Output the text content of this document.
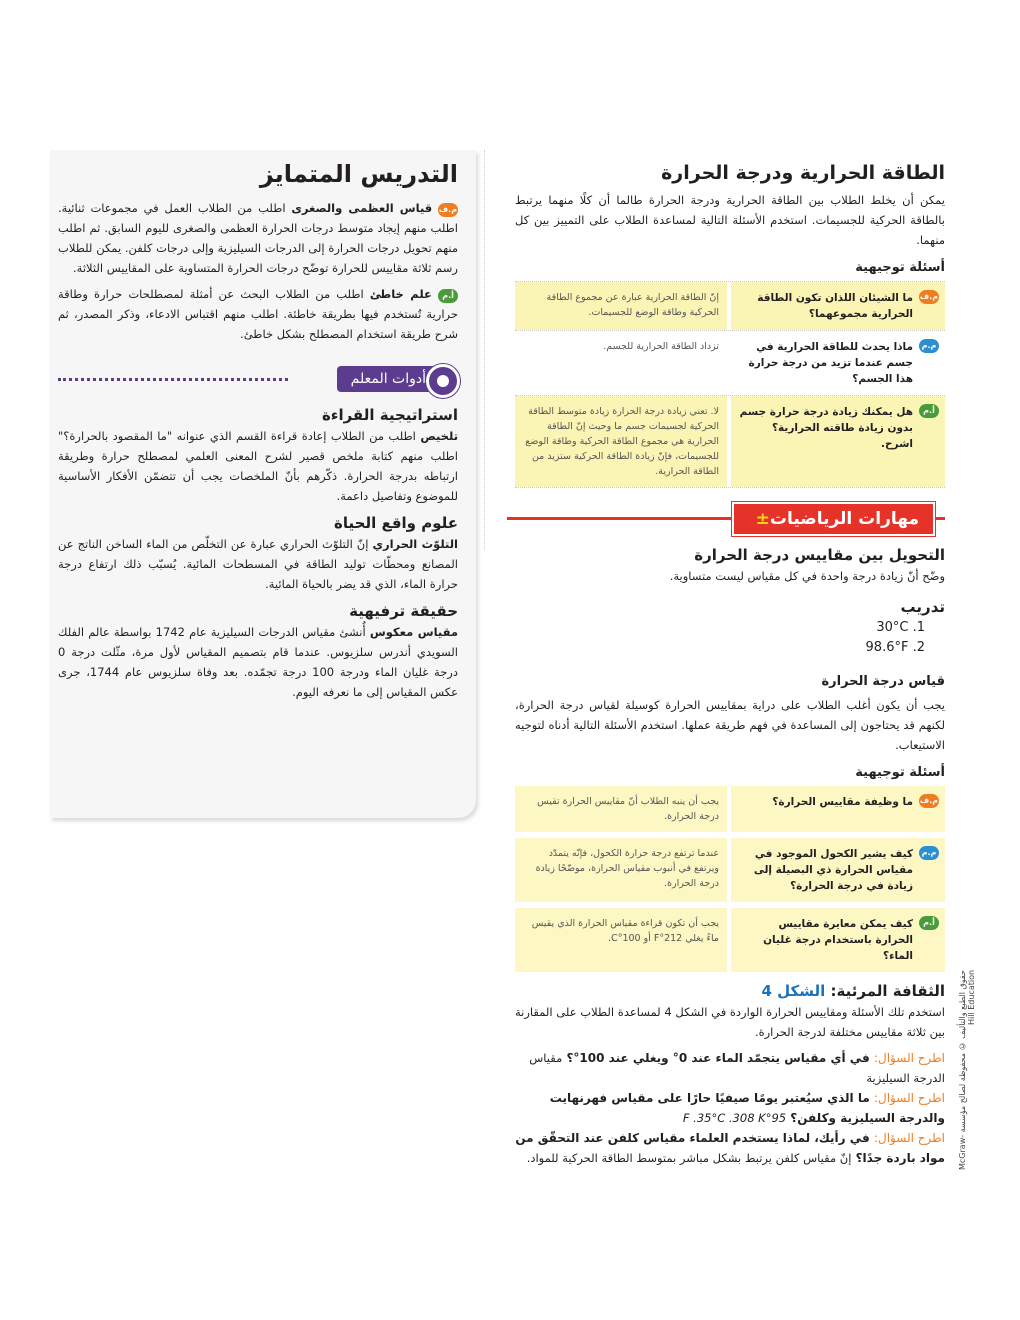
الطاقة الحرارية ودرجة الحرارة

يمكن أن يخلط الطلاب بين الطاقة الحرارية ودرجة الحرارة طالما أن كلًا منهما يرتبط بالطاقة الحركية للجسيمات. استخدم الأسئلة التالية لمساعدة الطلاب على التمييز بين كل منهما.

أسئلة توجيهية
م.ف
ما الشيئان اللذان تكون الطاقة الحرارية مجموعهما؟
إنّ الطاقة الحرارية عبارة عن مجموع الطاقة الحركية وطاقة الوضع للجسيمات.
م.م
ماذا يحدث للطاقة الحرارية في جسم عندما تزيد من درجة حرارة هذا الجسم؟
تزداد الطاقة الحرارية للجسم.
أ.م
هل يمكنك زيادة درجة حرارة جسم بدون زيادة طاقته الحرارية؟ اشرح.
لا. تعني زيادة درجة الحرارة زيادة متوسط الطاقة الحركية لجسيمات جسم ما وحيث إنّ الطاقة الحرارية هي مجموع الطاقة الحركية وطاقة الوضع للجسيمات، فإنّ زيادة الطاقة الحركية ستزيد من الطاقة الحرارية.
مهارات الرياضيات±
التحويل بين مقاييس درجة الحرارة

وضّح أنّ زيادة درجة واحدة في كل مقياس ليست متساوية.

تدريب
30°C .1
98.6°F .2
قياس درجة الحرارة

يجب أن يكون أغلب الطلاب على دراية بمقاييس الحرارة كوسيلة لقياس درجة الحرارة، لكنهم قد يحتاجون إلى المساعدة في فهم طريقة عملها. استخدم الأسئلة التالية أدناه لتوجيه الاستيعاب.

أسئلة توجيهية
م.ف
ما وظيفة مقاييس الحرارة؟
يجب أن ينبه الطلاب أنّ مقاييس الحرارة تقيس درجة الحرارة.
م.م
كيف يشير الكحول الموجود في مقياس الحرارة ذي البصيلة إلى زيادة في درجة الحرارة؟
عندما ترتفع درجة حرارة الكحول، فإنّه يتمدّد ويرتفع في أنبوب مقياس الحرارة، موضّحًا زيادة درجة الحرارة.
أ.م
كيف يمكن معايرة مقاييس الحرارة باستخدام درجة غليان الماء؟
يجب أن تكون قراءة مقياس الحرارة الذي يقيس ماءً يغلي 212°F أو 100°C.
الثقافة المرئية: الشكل 4

استخدم تلك الأسئلة ومقاييس الحرارة الواردة في الشكل 4 لمساعدة الطلاب على المقارنة بين ثلاثة مقاييس مختلفة لدرجة الحرارة.

اطرح السؤال: في أي مقياس يتجمّد الماء عند 0° ويغلي عند 100°؟ مقياس الدرجة السيليزية
اطرح السؤال: ما الذي سيُعتبر يومًا صيفيًا حارًا على مقياس فهرنهايت والدرجة السيليزية وكلفن؟ 95°F .35°C .308 K
اطرح السؤال: في رأيك، لماذا يستخدم العلماء مقياس كلفن عند التحقّق من مواد باردة جدًا؟ إنّ مقياس كلفن يرتبط بشكل مباشر بمتوسط الطاقة الحركية للمواد.
التدريس المتمايز

م.ف قياس العظمى والصغرى اطلب من الطلاب العمل في مجموعات ثنائية. اطلب منهم إيجاد متوسط درجات الحرارة العظمى والصغرى لليوم السابق. ثم اطلب منهم تحويل درجات الحرارة إلى الدرجات السيليزية وإلى درجات كلفن. يمكن للطلاب رسم ثلاثة مقاييس للحرارة توضّح درجات الحرارة المتساوية على المقاييس الثلاثة.

أ.م علم خاطئ اطلب من الطلاب البحث عن أمثلة لمصطلحات حرارة وطاقة حرارية تُستخدم فيها بطريقة خاطئة. اطلب منهم اقتباس الادعاء، وذكر المصدر، ثم شرح طريقة استخدام المصطلح بشكل خاطئ.

أدوات المعلم
استراتيجية القراءة

تلخيص اطلب من الطلاب إعادة قراءة القسم الذي عنوانه "ما المقصود بالحرارة؟" اطلب منهم كتابة ملخص قصير لشرح المعنى العلمي لمصطلح حرارة وطريقة ارتباطه بدرجة الحرارة. ذكّرهم بأنّ الملخصات يجب أن تتضمّن الأفكار الأساسية للموضوع وتفاصيل داعمة.

علوم واقع الحياة

التلوّث الحراري إنّ التلوّث الحراري عبارة عن التخلّص من الماء الساخن الناتج عن المصانع ومحطّات توليد الطاقة في المسطحات المائية. يُسبّب ذلك ارتفاع درجة حرارة الماء، الذي قد يضر بالحياة المائية.

حقيقة ترفيهية

مقياس معكوس أُنشئ مقياس الدرجات السيليزية عام 1742 بواسطة عالم الفلك السويدي أندرس سلزيوس. عندما قام بتصميم المقياس لأول مرة، مثّلت درجة 0 درجة غليان الماء ودرجة 100 درجة تجمّده. بعد وفاة سلزيوس عام 1744، جرى عكس المقياس إلى ما نعرفه اليوم.

حقوق الطبع والتأليف © محفوظة لصالح مؤسسة McGraw-Hill Education
